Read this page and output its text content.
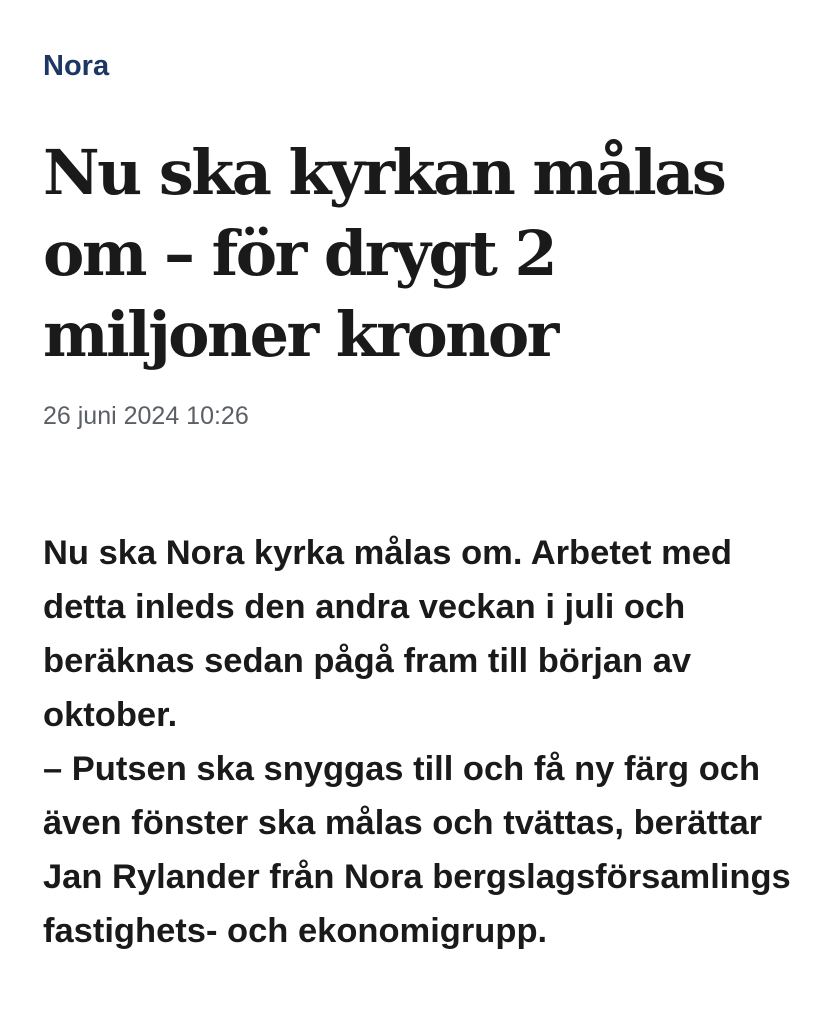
Nora
Nu ska kyrkan målas om – för drygt 2 miljoner kronor
26 juni 2024 10:26
Nu ska Nora kyrka målas om. Arbetet med detta inleds den andra veckan i juli och beräknas sedan pågå fram till början av oktober.
– Putsen ska snyggas till och få ny färg och även fönster ska målas och tvättas, berättar Jan Rylander från Nora bergslagsförsamlings fastighets- och ekonomigrupp.
